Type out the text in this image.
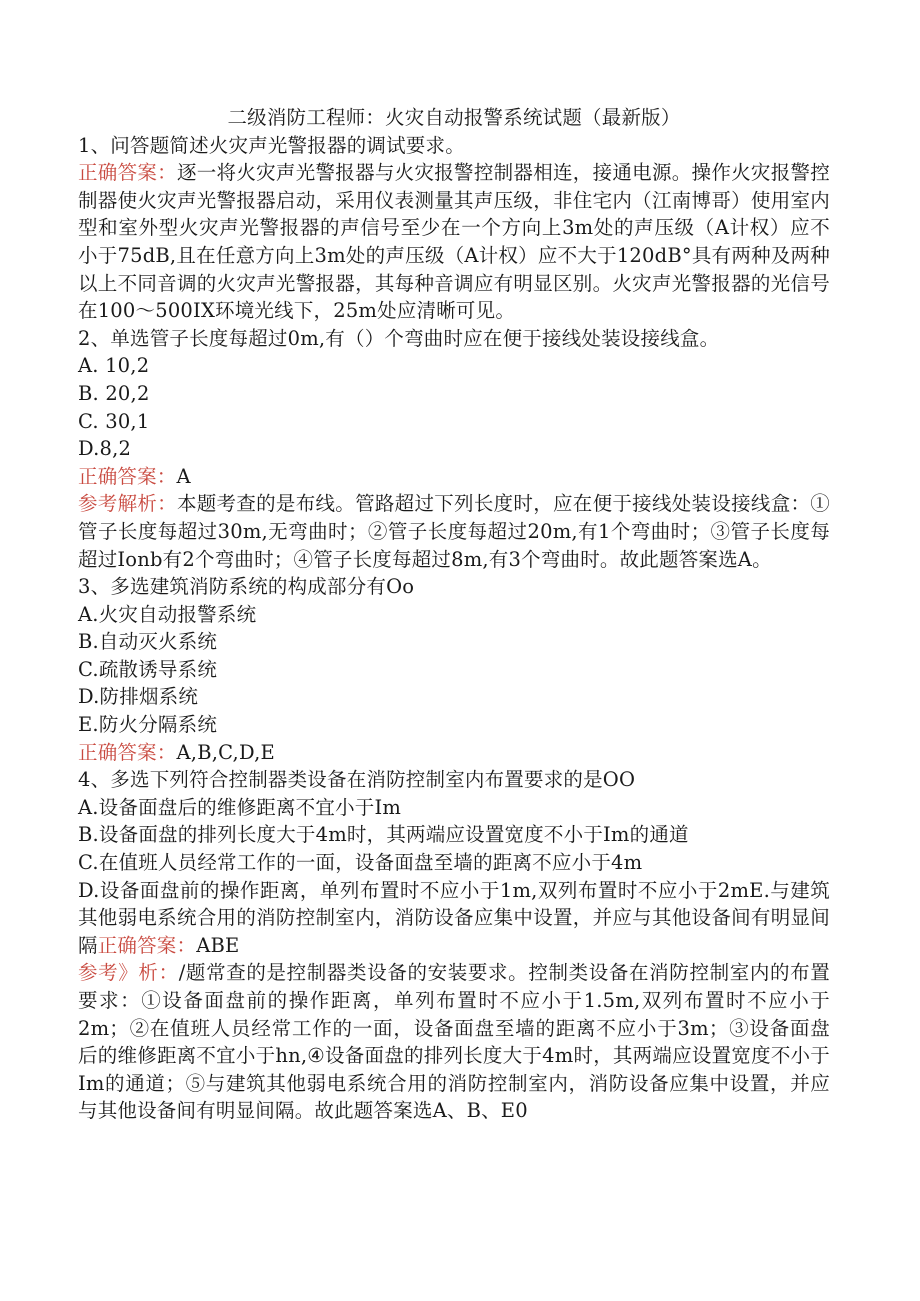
二级消防工程师：火灾自动报警系统试题（最新版）
1、问答题简述火灾声光警报器的调试要求。
正确答案：逐一将火灾声光警报器与火灾报警控制器相连，接通电源。操作火灾报警控制器使火灾声光警报器启动，采用仪表测量其声压级，非住宅内（江南博哥）使用室内型和室外型火灾声光警报器的声信号至少在一个方向上3m处的声压级（A计权）应不小于75dB,且在任意方向上3m处的声压级（A计权）应不大于120dB°具有两种及两种以上不同音调的火灾声光警报器，其每种音调应有明显区别。火灾声光警报器的光信号在100～500IX环境光线下，25m处应清晰可见。
2、单选管子长度每超过0m,有（）个弯曲时应在便于接线处装设接线盒。
A. 10,2
B. 20,2
C. 30,1
D.8,2
正确答案：A
参考解析：本题考查的是布线。管路超过下列长度时，应在便于接线处装设接线盒：①管子长度每超过30m,无弯曲时；②管子长度每超过20m,有1个弯曲时；③管子长度每超过Ionb有2个弯曲时；④管子长度每超过8m,有3个弯曲时。故此题答案选A。
3、多选建筑消防系统的构成部分有Oo
A.火灾自动报警系统
B.自动灭火系统
C.疏散诱导系统
D.防排烟系统
E.防火分隔系统
正确答案：A,B,C,D,E
4、多选下列符合控制器类设备在消防控制室内布置要求的是OO
A.设备面盘后的维修距离不宜小于Im
B.设备面盘的排列长度大于4m时，其两端应设置宽度不小于Im的通道
C.在值班人员经常工作的一面，设备面盘至墙的距离不应小于4m
D.设备面盘前的操作距离，单列布置时不应小于1m,双列布置时不应小于2mE.与建筑其他弱电系统合用的消防控制室内，消防设备应集中设置，并应与其他设备间有明显间隔正确答案：ABE
参考》析：/题常查的是控制器类设备的安装要求。控制类设备在消防控制室内的布置要求：①设备面盘前的操作距离，单列布置时不应小于1.5m,双列布置时不应小于2m；②在值班人员经常工作的一面，设备面盘至墙的距离不应小于3m；③设备面盘后的维修距离不宜小于hn,④设备面盘的排列长度大于4m时，其两端应设置宽度不小于Im的通道；⑤与建筑其他弱电系统合用的消防控制室内，消防设备应集中设置，并应与其他设备间有明显间隔。故此题答案选A、B、E0
